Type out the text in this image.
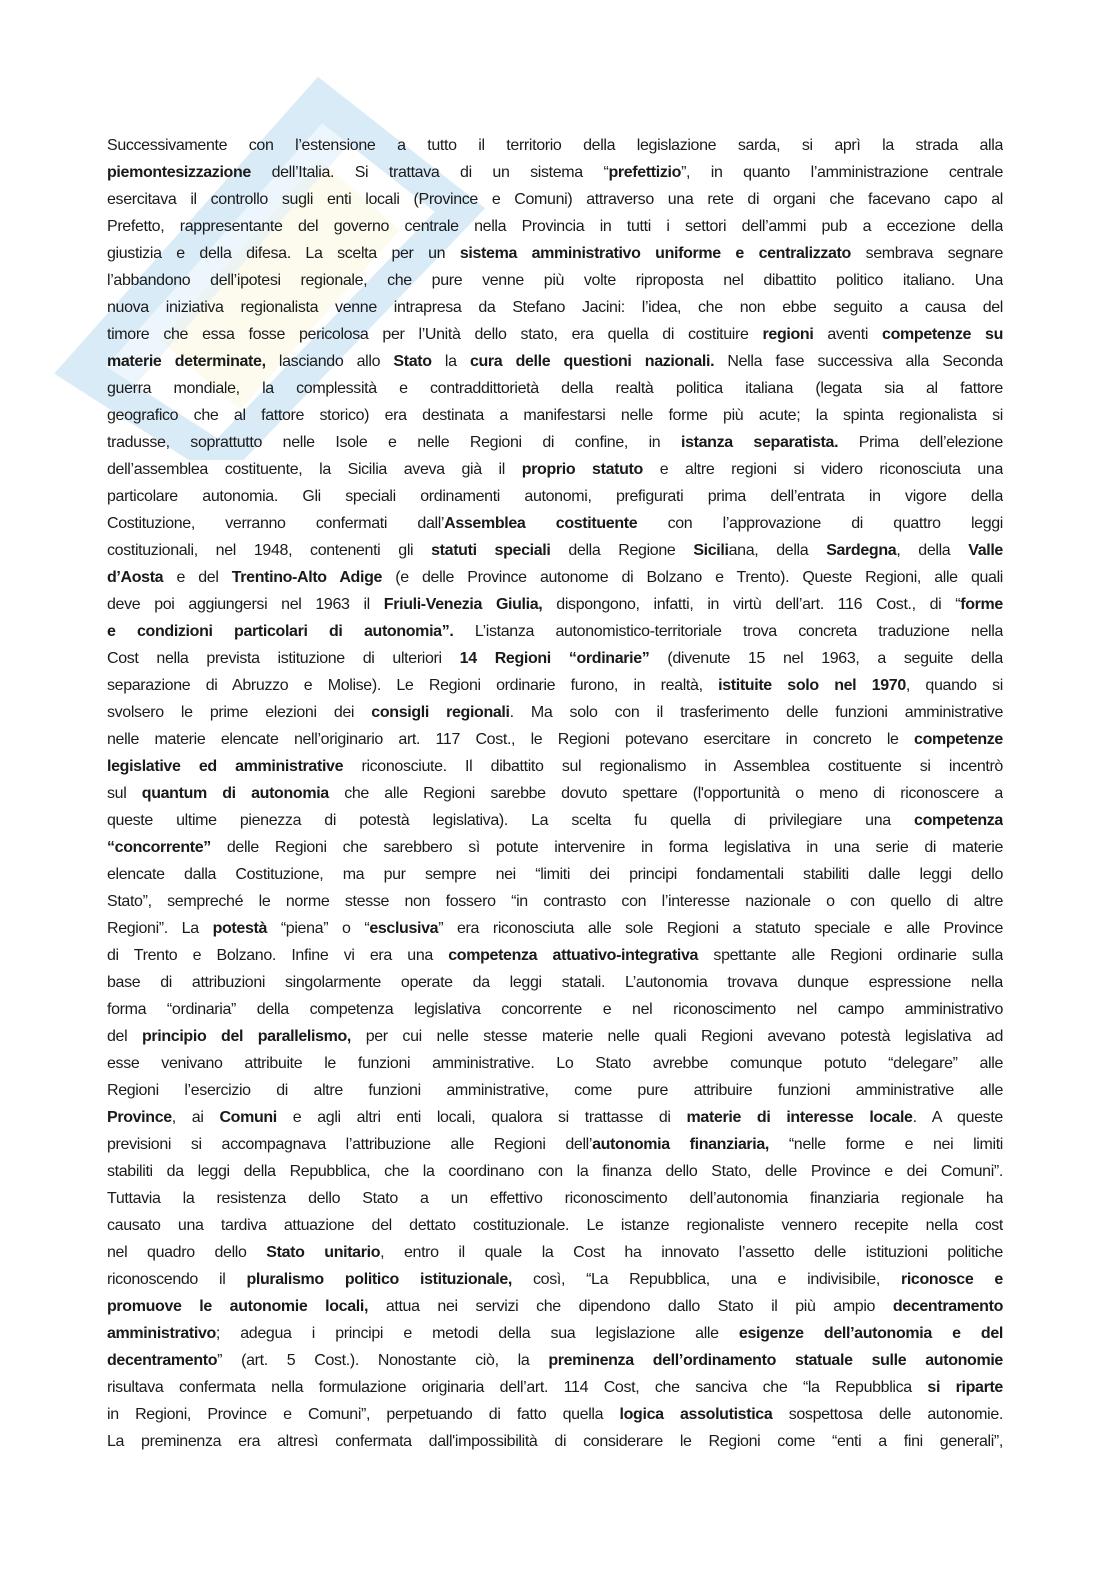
Successivamente con l’estensione a tutto il territorio della legislazione sarda, si aprì la strada alla
piemontesizzazione dell’Italia. Si trattava di un sistema “prefettizio”, in quanto l’amministrazione centrale
esercitava il controllo sugli enti locali (Province e Comuni) attraverso una rete di organi che facevano capo al
Prefetto, rappresentante del governo centrale nella Provincia in tutti i settori dell’ammi pub a eccezione della
giustizia e della difesa. La scelta per un sistema amministrativo uniforme e centralizzato sembrava segnare
l’abbandono dell’ipotesi regionale, che pure venne più volte riproposta nel dibattito politico italiano. Una
nuova iniziativa regionalista venne intrapresa da Stefano Jacini: l’idea, che non ebbe seguito a causa del
timore che essa fosse pericolosa per l’Unità dello stato, era quella di costituire regioni aventi competenze su
materie determinate, lasciando allo Stato la cura delle questioni nazionali. Nella fase successiva alla Seconda
guerra mondiale, la complessità e contraddittorietà della realtà politica italiana (legata sia al fattore
geografico che al fattore storico) era destinata a manifestarsi nelle forme più acute; la spinta regionalista si
tradusse, soprattutto nelle Isole e nelle Regioni di confine, in istanza separatista. Prima dell’elezione
dell’assemblea costituente, la Sicilia aveva già il proprio statuto e altre regioni si videro riconosciuta una
particolare autonomia. Gli speciali ordinamenti autonomi, prefigurati prima dell’entrata in vigore della
Costituzione, verranno confermati dall’Assemblea costituente con l’approvazione di quattro leggi
costituzionali, nel 1948, contenenti gli statuti speciali della Regione Siciliana, della Sardegna, della Valle
d’Aosta e del Trentino-Alto Adige (e delle Province autonome di Bolzano e Trento). Queste Regioni, alle quali
deve poi aggiungersi nel 1963 il Friuli-Venezia Giulia, dispongono, infatti, in virtù dell’art. 116 Cost., di “forme
e condizioni particolari di autonomia”. L’istanza autonomistico-territoriale trova concreta traduzione nella
Cost nella prevista istituzione di ulteriori 14 Regioni “ordinarie” (divenute 15 nel 1963, a seguite della
separazione di Abruzzo e Molise). Le Regioni ordinarie furono, in realtà, istituite solo nel 1970, quando si
svolsero le prime elezioni dei consigli regionali. Ma solo con il trasferimento delle funzioni amministrative
nelle materie elencate nell’originario art. 117 Cost., le Regioni potevano esercitare in concreto le competenze
legislative ed amministrative riconosciute. Il dibattito sul regionalismo in Assemblea costituente si incentrò
sul quantum di autonomia che alle Regioni sarebbe dovuto spettare (l'opportunità o meno di riconoscere a
queste ultime pienezza di potestà legislativa). La scelta fu quella di privilegiare una competenza
“concorrente” delle Regioni che sarebbero sì potute intervenire in forma legislativa in una serie di materie
elencate dalla Costituzione, ma pur sempre nei “limiti dei principi fondamentali stabiliti dalle leggi dello
Stato”, sempreché le norme stesse non fossero “in contrasto con l’interesse nazionale o con quello di altre
Regioni”. La potestà “piena” o “esclusiva” era riconosciuta alle sole Regioni a statuto speciale e alle Province
di Trento e Bolzano. Infine vi era una competenza attuativo-integrativa spettante alle Regioni ordinarie sulla
base di attribuzioni singolarmente operate da leggi statali. L’autonomia trovava dunque espressione nella
forma “ordinaria” della competenza legislativa concorrente e nel riconoscimento nel campo amministrativo
del principio del parallelismo, per cui nelle stesse materie nelle quali Regioni avevano potestà legislativa ad
esse venivano attribuite le funzioni amministrative. Lo Stato avrebbe comunque potuto “delegare” alle
Regioni l’esercizio di altre funzioni amministrative, come pure attribuire funzioni amministrative alle
Province, ai Comuni e agli altri enti locali, qualora si trattasse di materie di interesse locale. A queste
previsioni si accompagnava l’attribuzione alle Regioni dell’autonomia finanziaria, “nelle forme e nei limiti
stabiliti da leggi della Repubblica, che la coordinano con la finanza dello Stato, delle Province e dei Comuni”.
Tuttavia la resistenza dello Stato a un effettivo riconoscimento dell’autonomia finanziaria regionale ha
causato una tardiva attuazione del dettato costituzionale. Le istanze regionaliste vennero recepite nella cost
nel quadro dello Stato unitario, entro il quale la Cost ha innovato l’assetto delle istituzioni politiche
riconoscendo il pluralismo politico istituzionale, così, “La Repubblica, una e indivisibile, riconosce e
promuove le autonomie locali, attua nei servizi che dipendono dallo Stato il più ampio decentramento
amministrativo; adegua i principi e metodi della sua legislazione alle esigenze dell’autonomia e del
decentramento” (art. 5 Cost.). Nonostante ciò, la preminenza dell’ordinamento statuale sulle autonomie
risultava confermata nella formulazione originaria dell’art. 114 Cost, che sanciva che “la Repubblica si riparte
in Regioni, Province e Comuni”, perpetuando di fatto quella logica assolutistica sospettosa delle autonomie.
La preminenza era altresì confermata dall'impossibilità di considerare le Regioni come “enti a fini generali”,
